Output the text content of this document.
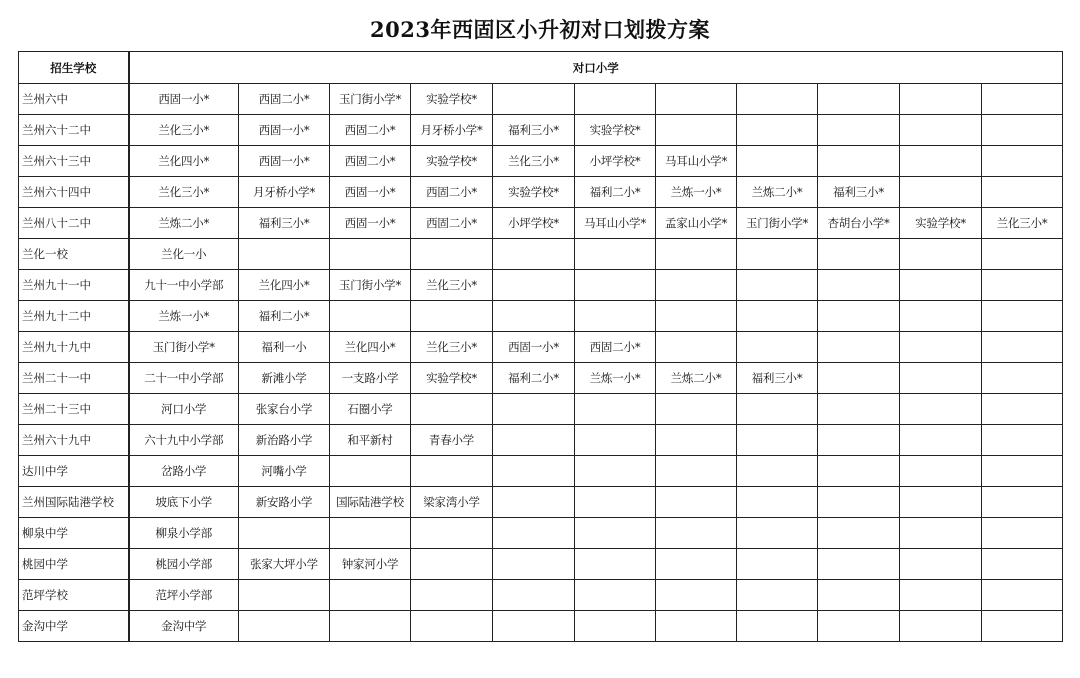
2023年西固区小升初对口划拨方案
招生学校	对口小学										
兰州六中	西固一小*	西固二小*	玉门街小学*	实验学校*							
兰州六十二中	兰化三小*	西固一小*	西固二小*	月牙桥小学*	福利三小*	实验学校*					
兰州六十三中	兰化四小*	西固一小*	西固二小*	实验学校*	兰化三小*	小坪学校*	马耳山小学*				
兰州六十四中	兰化三小*	月牙桥小学*	西固一小*	西固二小*	实验学校*	福利二小*	兰炼一小*	兰炼二小*	福利三小*		
兰州八十二中	兰炼二小*	福利三小*	西固一小*	西固二小*	小坪学校*	马耳山小学*	孟家山小学*	玉门街小学*	杏胡台小学*	实验学校*	兰化三小*
兰化一校	兰化一小										
兰州九十一中	九十一中小学部	兰化四小*	玉门街小学*	兰化三小*							
兰州九十二中	兰炼一小*	福利二小*									
兰州九十九中	玉门街小学*	福利一小	兰化四小*	兰化三小*	西固一小*	西固二小*					
兰州二十一中	二十一中小学部	新滩小学	一支路小学	实验学校*	福利二小*	兰炼一小*	兰炼二小*	福利三小*			
兰州二十三中	河口小学	张家台小学	石圈小学								
兰州六十九中	六十九中小学部	新治路小学	和平新村	青春小学							
达川中学	岔路小学	河嘴小学									
兰州国际陆港学校	坡底下小学	新安路小学	国际陆港学校	梁家湾小学							
柳泉中学	柳泉小学部										
桃园中学	桃园小学部	张家大坪小学	钟家河小学								
范坪学校	范坪小学部										
金沟中学	金沟中学										
